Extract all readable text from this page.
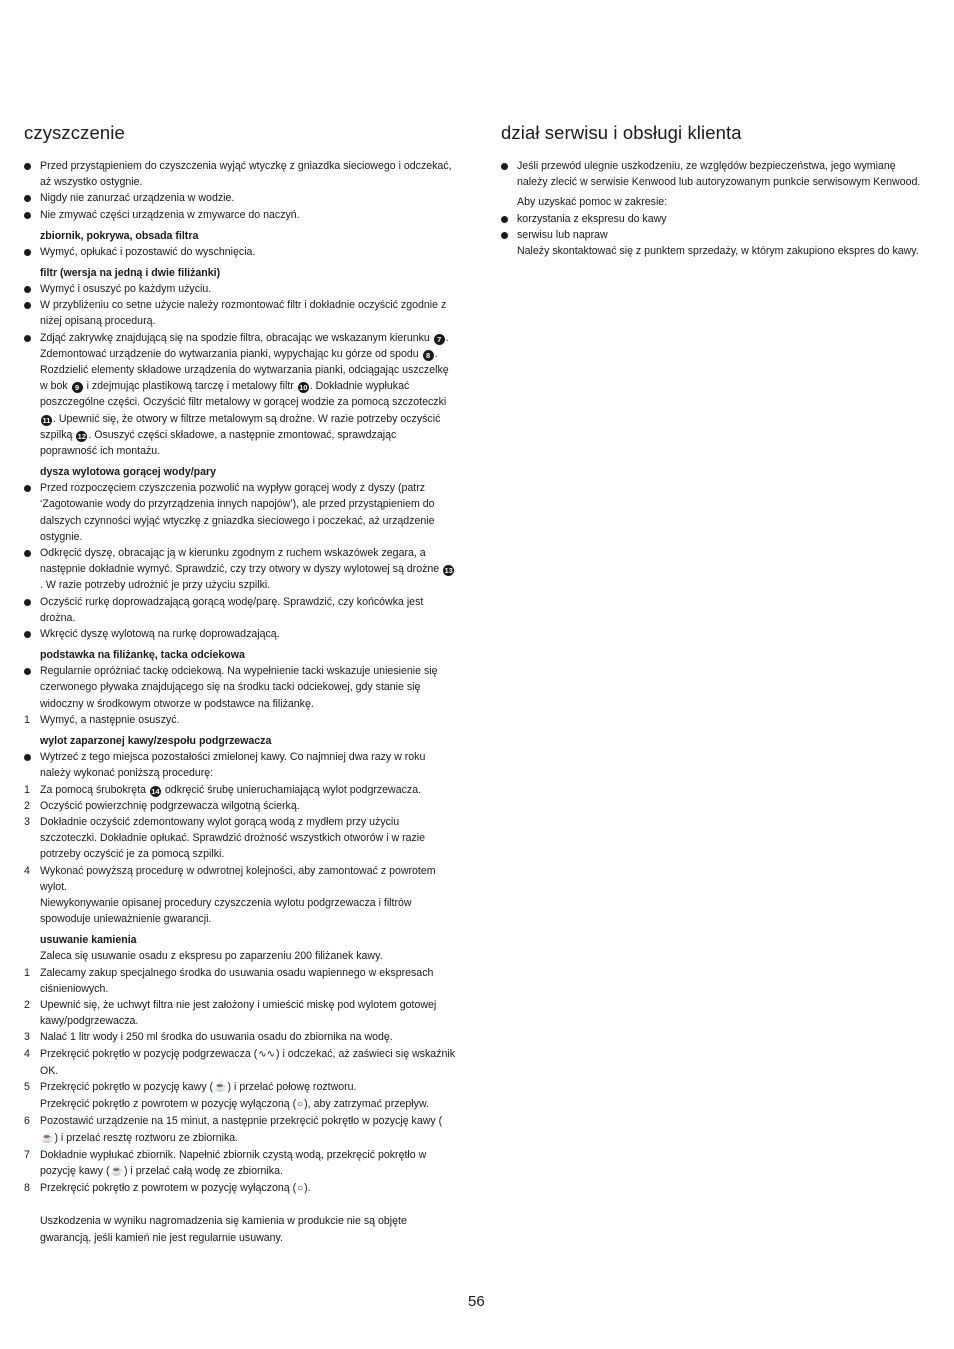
czyszczenie
Przed przystąpieniem do czyszczenia wyjąć wtyczkę z gniazdka sieciowego i odczekać, aż wszystko ostygnie.
Nigdy nie zanurzać urządzenia w wodzie.
Nie zmywać części urządzenia w zmywarce do naczyń.
zbiornik, pokrywa, obsada filtra
Wymyć, opłukać i pozostawić do wyschnięcia.
filtr (wersja na jedną i dwie filiżanki)
Wymyć i osuszyć po każdym użyciu.
W przybliżeniu co setne użycie należy rozmontować filtr i dokładnie oczyścić zgodnie z niżej opisaną procedurą.
Zdjąć zakrywkę znajdującą się na spodzie filtra, obracając we wskazanym kierunku 7 . Zdemontować urządzenie do wytwarzania pianki, wypychając ku górze od spodu 8 . Rozdzielić elementy składowe urządzenia do wytwarzania pianki, odciągając uszczelkę w bok 9 i zdejmując plastikową tarczę i metalowy filtr 10 . Dokładnie wypłukać poszczególne części. Oczyścić filtr metalowy w gorącej wodzie za pomocą szczoteczki 11 . Upewnić się, że otwory w filtrze metalowym są drożne. W razie potrzeby oczyścić szpilką 12 . Osuszyć części składowe, a następnie zmontować, sprawdzając poprawność ich montażu.
dysza wylotowa gorącej wody/pary
Przed rozpoczęciem czyszczenia pozwolić na wypływ gorącej wody z dyszy (patrz ‘Zagotowanie wody do przyrządzenia innych napojów’), ale przed przystąpieniem do dalszych czynności wyjąć wtyczkę z gniazdka sieciowego i poczekać, aż urządzenie ostygnie.
Odkręcić dyszę, obracając ją w kierunku zgodnym z ruchem wskazówek zegara, a następnie dokładnie wymyć. Sprawdzić, czy trzy otwory w dyszy wylotowej są drożne 13. W razie potrzeby udrożnić je przy użyciu szpilki.
Oczyścić rurkę doprowadzającą gorącą wodę/parę. Sprawdzić, czy końcówka jest drożna.
Wkręcić dyszę wylotową na rurkę doprowadzającą.
podstawka na filiżankę, tacka odciekowa
Regularnie opróżniać tackę odciekową. Na wypełnienie tacki wskazuje uniesienie się czerwonego pływaka znajdującego się na środku tacki odciekowej, gdy stanie się widoczny w środkowym otworze w podstawce na filiżankę.
1 Wymyć, a następnie osuszyć.
wylot zaparzonej kawy/zespołu podgrzewacza
Wytrzeć z tego miejsca pozostałości zmielonej kawy. Co najmniej dwa razy w roku należy wykonać poniższą procedurę:
1 Za pomocą śrubokręta 14 odkręcić śrubę unieruchamiającą wylot podgrzewacza.
2 Oczyścić powierzchnię podgrzewacza wilgotną ścierką.
3 Dokładnie oczyścić zdemontowany wylot gorącą wodą z mydłem przy użyciu szczoteczki. Dokładnie opłukać. Sprawdzić drożność wszystkich otworów i w razie potrzeby oczyścić je za pomocą szpilki.
4 Wykonać powyższą procedurę w odwrotnej kolejności, aby zamontować z powrotem wylot.
Niewykonywanie opisanej procedury czyszczenia wylotu podgrzewacza i filtrów spowoduje unieważnienie gwarancji.
usuwanie kamienia
Zaleca się usuwanie osadu z ekspresu po zaparzeniu 200 filiżanek kawy.
1 Zalecamy zakup specjalnego środka do usuwania osadu wapiennego w ekspresach ciśnieniowych.
2 Upewnić się, że uchwyt filtra nie jest założony i umieścić miskę pod wylotem gotowej kawy/podgrzewacza.
3 Nalać 1 litr wody i 250 ml środka do usuwania osadu do zbiornika na wodę.
4 Przekręcić pokrętło w pozycję podgrzewacza (∿∿) i odczekać, aż zaświeci się wskaźnik OK.
5 Przekręcić pokrętło w pozycję kawy (☕) i przelać połowę roztworu.
Przekręcić pokrętło z powrotem w pozycję wyłączoną (○), aby zatrzymać przepływ.
6 Pozostawić urządzenie na 15 minut, a następnie przekręcić pokrętło w pozycję kawy (☕) i przelać resztę roztworu ze zbiornika.
7 Dokładnie wypłukać zbiornik. Napełnić zbiornik czystą wodą, przekręcić pokrętło w pozycję kawy (☕) i przelać całą wodę ze zbiornika.
8 Przekręcić pokrętło z powrotem w pozycję wyłączoną (○).
Uszkodzenia w wyniku nagromadzenia się kamienia w produkcie nie są objęte gwarancją, jeśli kamień nie jest regularnie usuwany.
dział serwisu i obsługi klienta
Jeśli przewód ulegnie uszkodzeniu, ze względów bezpieczeństwa, jego wymianę należy zlecić w serwisie Kenwood lub autoryzowanym punkcie serwisowym Kenwood.
Aby uzyskać pomoc w zakresie:
korzystania z ekspresu do kawy
serwisu lub napraw
Należy skontaktować się z punktem sprzedaży, w którym zakupiono ekspres do kawy.
56
